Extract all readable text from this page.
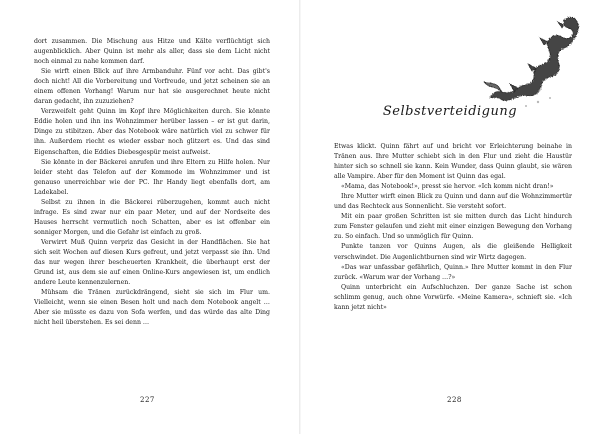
dort zusammen. Die Mischung aus Hitze und Kälte verflüchtigt sich augenblicklich. Aber Quinn ist mehr als aller, dass sie dem Licht nicht noch einmal zu nahe kommen darf.

Sie wirft einen Blick auf ihre Armbanduhr. Fünf vor acht. Das gibt's doch nicht! All die Vorbereitung und Vorfreude, und jetzt scheinen sie an einem offenen Vorhang! Warum nur hat sie ausgerechnet heute nicht daran gedacht, ihn zuzuziehen?

Verzweifelt geht Quinn im Kopf ihre Möglichkeiten durch. Sie könnte Eddie holen und ihn ins Wohnzimmer herüber lassen – er ist gut darin, Dinge zu stibitzen. Aber das Notebook wäre natürlich viel zu schwer für ihn. Außerdem riecht es wieder essbar noch glitzert es. Und das sind Eigenschaften, die Eddies Diebesgespür meist aufweist.

Sie könnte in der Bäckerei anrufen und ihre Eltern zu Hilfe holen. Nur leider steht das Telefon auf der Kommode im Wohnzimmer und ist genauso unerreichbar wie der PC. Ihr Handy liegt ebenfalls dort, am Ladekabel.

Selbst zu ihnen in die Bäckerei rüberzugehen, kommt auch nicht infrage. Es sind zwar nur ein paar Meter, und auf der Nordseite des Hauses herrscht vermutlich noch Schatten, aber es ist offenbar ein sonniger Morgen, und die Gefahr ist einfach zu groß.

Verwirrt Muß Quinn verpriz das Gesicht in der Handflächen. Sie hat sich seit Wochen auf diesen Kurs gefreut, und jetzt verpasst sie ihn. Und das nur wegen ihrer bescheuerten Krankheit, die überhaupt erst der Grund ist, aus dem sie auf einen Online-Kurs angewiesen ist, um endlich andere Leute kennenzulernen.

Mühsam die Tränen zurückdrängend, sieht sie sich im Flur um. Vielleicht, wenn sie einen Besen holt und nach dem Notebook angelt … Aber sie müsste es dazu von Sofa werfen, und das würde das alte Ding nicht heil überstehen. Es sei denn …

227
Selbstverteidigung

Etwas klickt. Quinn fährt auf und bricht vor Erleichterung beinahe in Tränen aus. Ihre Mutter schiebt sich in den Flur und zieht die Haustür hinter sich so schnell sie kann. Kein Wunder, dass Quinn glaubt, sie wären alle Vampire. Aber für den Moment ist Quinn das egal.

«Mama, das Notebook!», presst sie hervor. «Ich komm nicht dran!»

Ihre Mutter wirft einen Blick zu Quinn und dann auf die Wohnzimmertür und das Rechteck aus Sonnenlicht. Sie versteht sofort.

Mit ein paar großen Schritten ist sie mitten durch das Licht hindurch zum Fenster gelaufen und zieht mit einer einzigen Bewegung den Vorhang zu. So einfach. Und so unmöglich für Quinn.

Punkte tanzen vor Quinns Augen, als die gleißende Helligkeit verschwindet. Die Augenlichtburnen sind wir Wirtz dagegen.

«Das war unfassbar gefährlich, Quinn.» Ihre Mutter kommt in den Flur zurück. «Warum war der Vorhang …?»

Quinn unterbricht ein Aufschluchzen. Der ganze Sache ist schon schlimm genug, auch ohne Vorwürfe. «Meine Kamera», schnieft sie. «Ich kann jetzt nicht»

228
